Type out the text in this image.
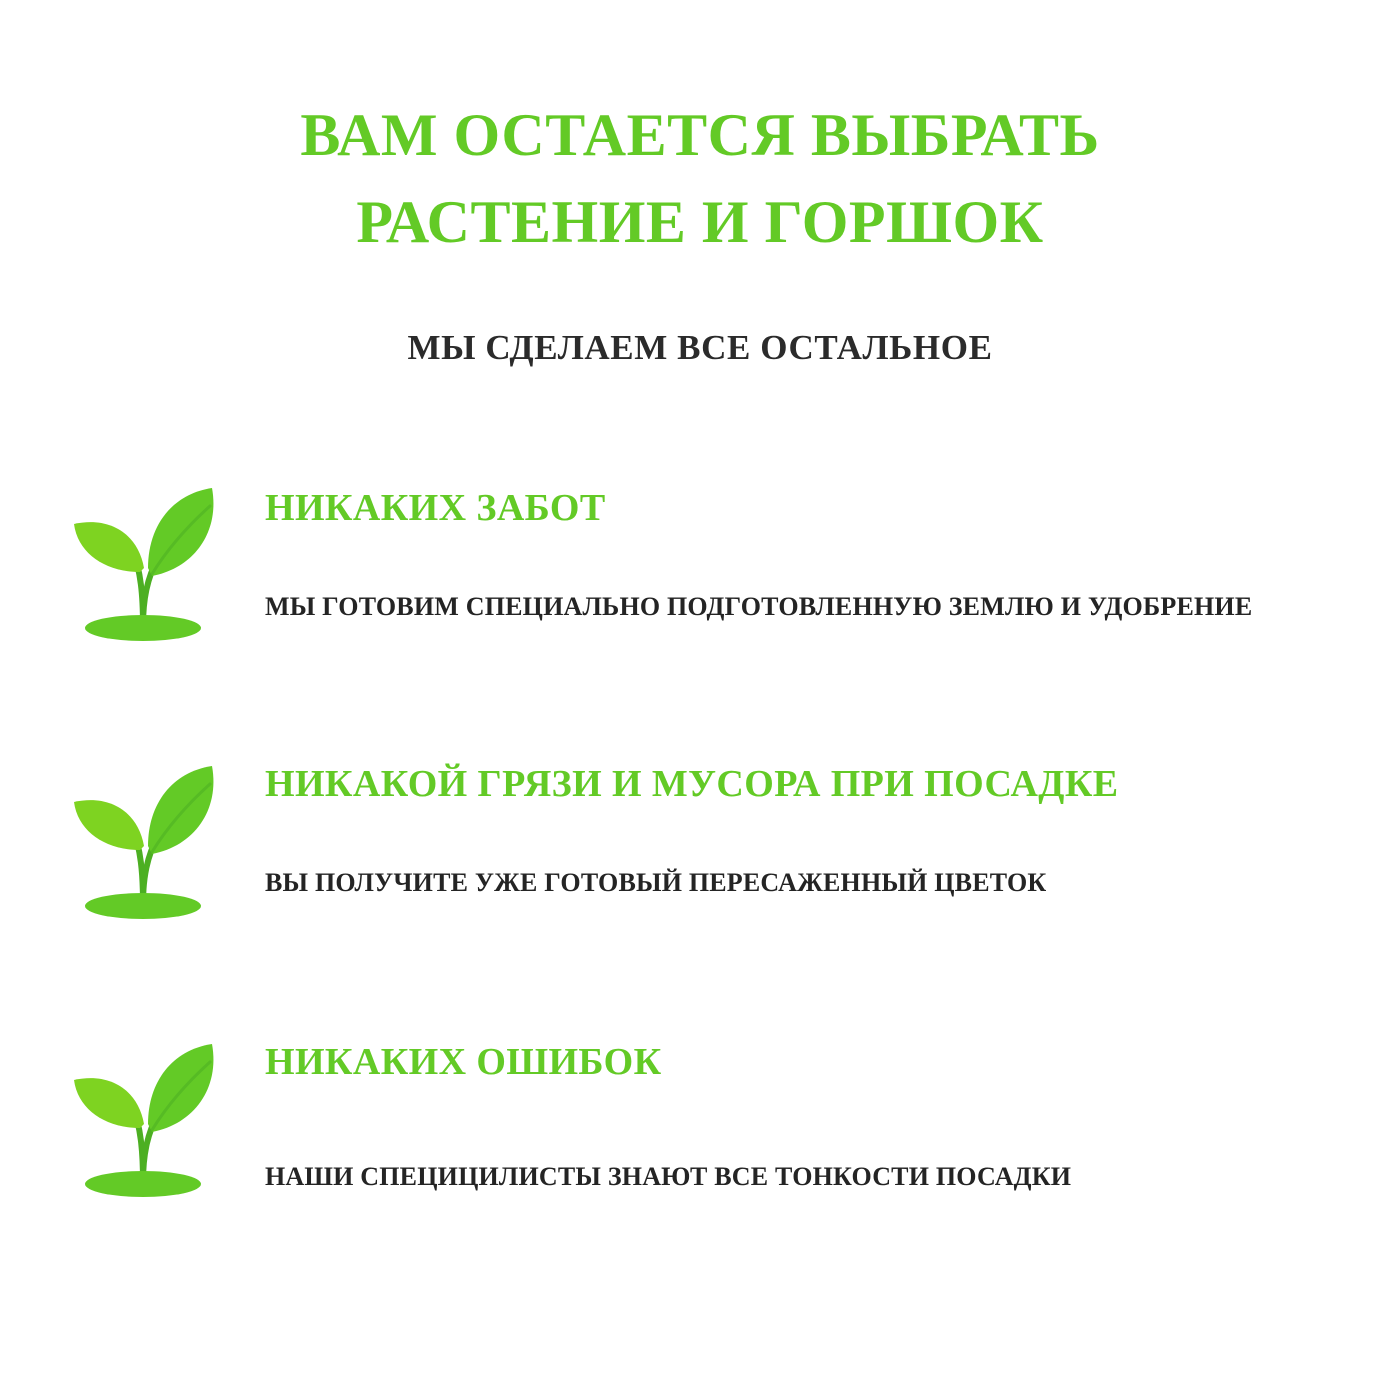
ВАМ ОСТАЕТСЯ ВЫБРАТЬ
РАСТЕНИЕ И ГОРШОК
МЫ СДЕЛАЕМ ВСЕ ОСТАЛЬНОЕ
НИКАКИХ ЗАБОТ
МЫ ГОТОВИМ СПЕЦИАЛЬНО ПОДГОТОВЛЕННУЮ ЗЕМЛЮ И УДОБРЕНИЕ
НИКАКОЙ ГРЯЗИ И МУСОРА ПРИ ПОСАДКЕ
ВЫ ПОЛУЧИТЕ УЖЕ ГОТОВЫЙ ПЕРЕСАЖЕННЫЙ ЦВЕТОК
НИКАКИХ ОШИБОК
НАШИ СПЕЦИЦИЛИСТЫ ЗНАЮТ ВСЕ ТОНКОСТИ ПОСАДКИ
